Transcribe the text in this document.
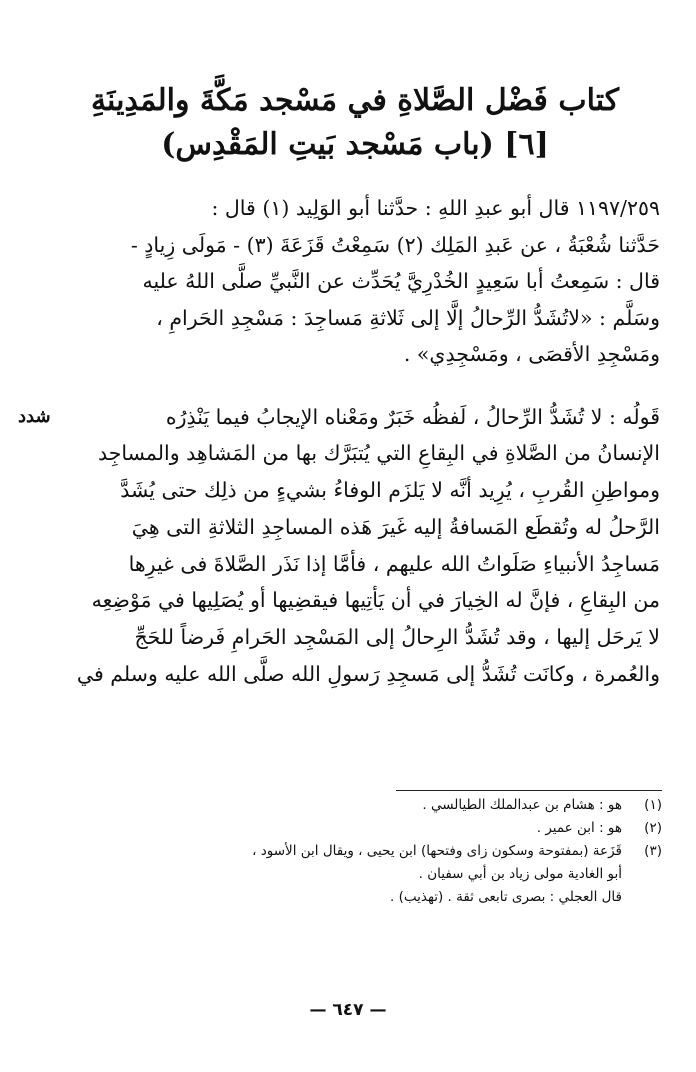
كتاب فَضْل الصَّلاةِ في مَسْجد مَكَّةَ والمَدِينَةِ
[٦] (باب مَسْجد بَيتِ المَقْدِس)
١١٩٧/٢٥٩ قال أبو عبدِ اللهِ : حدَّثنا أبو الوَلِيد (١) قال :
حَدَّثنا شُعْبَةُ ، عن عَبدِ المَلِك (٢) سَمِعْتُ قَزَعَةَ (٣) - مَولَى زِيادٍ -
قال : سَمِعتُ أبا سَعِيدٍ الخُدْرِيَّ يُحَدِّث عن النَّبيِّ صلَّى اللهُ عليه
وسَلَّم : «لاتُشَدُّ الرِّحالُ إلَّا إلى ثَلاثةِ مَساجِدَ : مَسْجِدِ الحَرامِ ،
ومَسْجِدِ الأقصَى ، ومَسْجِدِي» .
شدد	قَولُه : لا تُشَدُّ الرِّحالُ ، لَفظُه خَبَرٌ ومَعْناه الإيجابُ فيما يَنْذِرُه
الإنسانُ من الصَّلاةِ في البِقاعِ التي يُتبَرَّك بها من المَشاهِد والمساجِد
ومواطِنِ القُربِ ، يُرِيد أنَّه لا يَلزَم الوفاءُ بشيءٍ من ذلِك حتى يُشَدَّ
الرَّحلُ له وتُقطَع المَسافةُ إليه غَيرَ هَذه المساجِدِ الثلاثةِ التى هِيَ
مَساجِدُ الأنبياءِ صَلَواتُ الله عليهم ، فأمَّا إذا نَذَر الصَّلاةَ فى غيرِها
من البِقاعِ ، فإنَّ له الخِيارَ في أن يَأتِيها فيقضِيها أو يُصَلِيها في مَوْضِعِه
لا يَرحَل إليها ، وقد تُشَدُّ الرِحالُ إلى المَسْجِد الحَرامِ فَرضاً للحَجِّ
والعُمرة ، وكانَت تُشَدُّ إلى مَسجِدِ رَسولِ الله صلَّى الله عليه وسلم في
(١)
هو : هشام بن عبدالملك الطيالسي .
(٢)
هو : ابن عمير .
(٣)
قَزَعة (بمفتوحة وسكون زاى وفتحها) ابن يحيى ، ويقال ابن الأسود ،
أبو الغادية مولى زياد بن أبي سفيان .
قال العجلي : بصرى تابعى ثقة . (تهذيب) .
— ٦٤٧ —
